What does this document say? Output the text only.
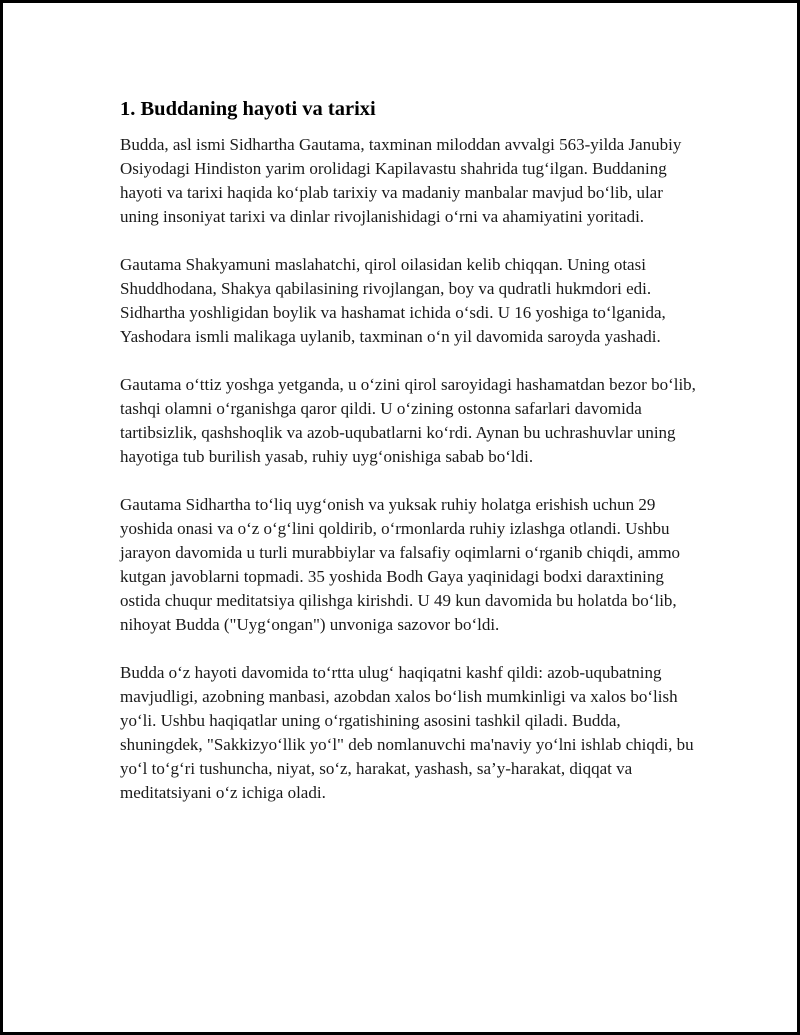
1. Buddaning hayoti va tarixi

Budda, asl ismi Sidhartha Gautama, taxminan miloddan avvalgi 563-yilda Janubiy Osiyodagi Hindiston yarim orolidagi Kapilavastu shahrida tug‘ilgan. Buddaning hayoti va tarixi haqida ko‘plab tarixiy va madaniy manbalar mavjud bo‘lib, ular uning insoniyat tarixi va dinlar rivojlanishidagi o‘rni va ahamiyatini yoritadi.

Gautama Shakyamuni maslahatchi, qirol oilasidan kelib chiqqan. Uning otasi Shuddhodana, Shakya qabilasining rivojlangan, boy va qudratli hukmdori edi. Sidhartha yoshligidan boylik va hashamat ichida o‘sdi. U 16 yoshiga to‘lganida, Yashodara ismli malikaga uylanib, taxminan o‘n yil davomida saroyda yashadi.

Gautama o‘ttiz yoshga yetganda, u o‘zini qirol saroyidagi hashamatdan bezor bo‘lib, tashqi olamni o‘rganishga qaror qildi. U o‘zining ostonna safarlari davomida tartibsizlik, qashshoqlik va azob-uqubatlarni ko‘rdi. Aynan bu uchrashuvlar uning hayotiga tub burilish yasab, ruhiy uyg‘onishiga sabab bo‘ldi.

Gautama Sidhartha to‘liq uyg‘onish va yuksak ruhiy holatga erishish uchun 29 yoshida onasi va o‘z o‘g‘lini qoldirib, o‘rmonlarda ruhiy izlashga otlandi. Ushbu jarayon davomida u turli murabbiylar va falsafiy oqimlarni o‘rganib chiqdi, ammo kutgan javoblarni topmadi. 35 yoshida Bodh Gaya yaqinidagi bodxi daraxtining ostida chuqur meditatsiya qilishga kirishdi. U 49 kun davomida bu holatda bo‘lib, nihoyat Budda ("Uyg‘ongan") unvoniga sazovor bo‘ldi.

Budda o‘z hayoti davomida to‘rtta ulug‘ haqiqatni kashf qildi: azob-uqubatning mavjudligi, azobning manbasi, azobdan xalos bo‘lish mumkinligi va xalos bo‘lish yo‘li. Ushbu haqiqatlar uning o‘rgatishining asosini tashkil qiladi. Budda, shuningdek, "Sakkizyo‘llik yo‘l" deb nomlanuvchi ma'naviy yo‘lni ishlab chiqdi, bu yo‘l to‘g‘ri tushuncha, niyat, so‘z, harakat, yashash, sa’y-harakat, diqqat va meditatsiyani o‘z ichiga oladi.
